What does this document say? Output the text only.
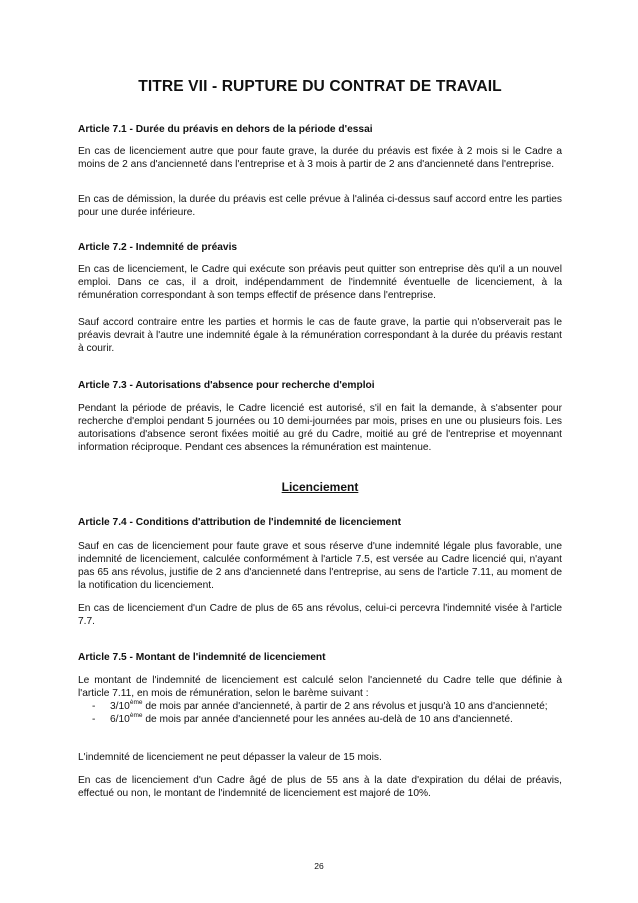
TITRE VII - RUPTURE DU CONTRAT DE TRAVAIL
Article 7.1 - Durée du préavis en dehors de la période d'essai
En cas de licenciement autre que pour faute grave, la durée du préavis est fixée à 2 mois si le Cadre a moins de 2 ans d'ancienneté dans l'entreprise et à 3 mois à partir de 2 ans d'ancienneté dans l'entreprise.
En cas de démission, la durée du préavis est celle prévue à l'alinéa ci-dessus sauf accord entre les parties pour une durée inférieure.
Article 7.2 - Indemnité de préavis
En cas de licenciement, le Cadre qui exécute son préavis peut quitter son entreprise dès qu'il a un nouvel emploi. Dans ce cas, il a droit, indépendamment de l'indemnité éventuelle de licenciement, à la rémunération correspondant à son temps effectif de présence dans l'entreprise.
Sauf accord contraire entre les parties et hormis le cas de faute grave, la partie qui n'observerait pas le préavis devrait à l'autre une indemnité égale à la rémunération correspondant à la durée du préavis restant à courir.
Article 7.3 - Autorisations d'absence pour recherche d'emploi
Pendant la période de préavis, le Cadre licencié est autorisé, s'il en fait la demande, à s'absenter pour recherche d'emploi pendant 5 journées ou 10 demi-journées par mois, prises en une ou plusieurs fois. Les autorisations d'absence seront fixées moitié au gré du Cadre, moitié au gré de l'entreprise et moyennant information réciproque. Pendant ces absences la rémunération est maintenue.
Licenciement
Article 7.4 - Conditions d'attribution de l'indemnité de licenciement
Sauf en cas de licenciement pour faute grave et sous réserve d'une indemnité légale plus favorable, une indemnité de licenciement, calculée conformément à l'article 7.5, est versée au Cadre licencié qui, n'ayant pas 65 ans révolus, justifie de 2 ans d'ancienneté dans l'entreprise, au sens de l'article 7.11, au moment de la notification du licenciement.
En cas de licenciement d'un Cadre de plus de 65 ans révolus, celui-ci percevra l'indemnité visée à l'article 7.7.
Article 7.5 - Montant de l'indemnité de licenciement
Le montant de l'indemnité de licenciement est calculé selon l'ancienneté du Cadre telle que définie à l'article 7.11, en mois de rémunération, selon le barème suivant :
- 3/10ème de mois par année d'ancienneté, à partir de 2 ans révolus et jusqu'à 10 ans d'ancienneté;
- 6/10ème de mois par année d'ancienneté pour les années au-delà de 10 ans d'ancienneté.
L'indemnité de licenciement ne peut dépasser la valeur de 15 mois.
En cas de licenciement d'un Cadre âgé de plus de 55 ans à la date d'expiration du délai de préavis, effectué ou non, le montant de l'indemnité de licenciement est majoré de 10%.
26
